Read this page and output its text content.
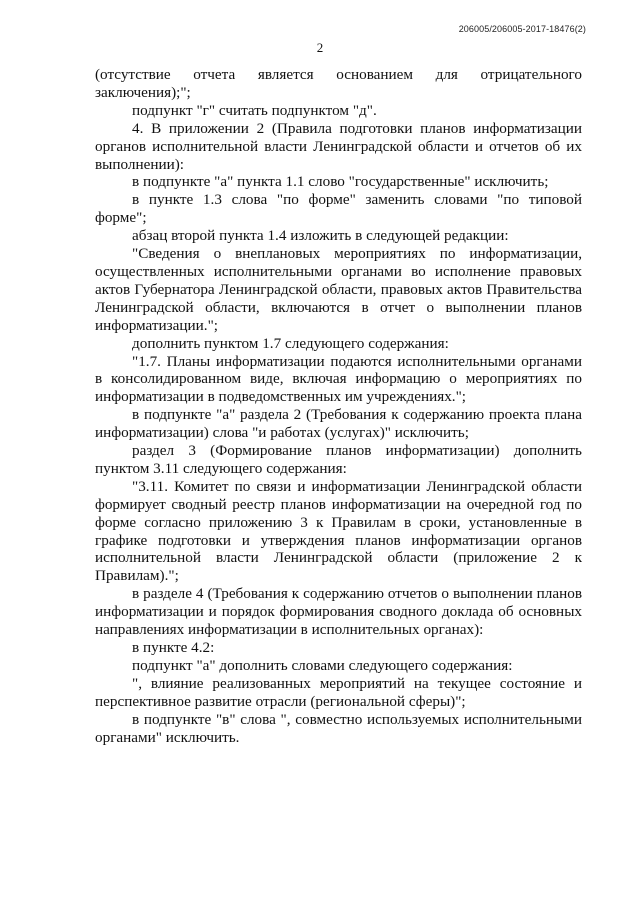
206005/206005-2017-18476(2)
2

(отсутствие отчета является основанием для отрицательного заключения);";

подпункт "г" считать подпунктом "д".

4. В приложении 2 (Правила подготовки планов информатизации органов исполнительной власти Ленинградской области и отчетов об их выполнении):

в подпункте "а" пункта 1.1 слово "государственные" исключить;

в пункте 1.3 слова "по форме" заменить словами "по типовой форме";

абзац второй пункта 1.4 изложить в следующей редакции:

"Сведения о внеплановых мероприятиях по информатизации, осуществленных исполнительными органами во исполнение правовых актов Губернатора Ленинградской области, правовых актов Правительства Ленинградской области, включаются в отчет о выполнении планов информатизации.";

дополнить пунктом 1.7 следующего содержания:

"1.7. Планы информатизации подаются исполнительными органами в консолидированном виде, включая информацию о мероприятиях по информатизации в подведомственных им учреждениях.";

в подпункте "а" раздела 2 (Требования к содержанию проекта плана информатизации) слова "и работах (услугах)" исключить;

раздел 3 (Формирование планов информатизации) дополнить пунктом 3.11 следующего содержания:

"3.11. Комитет по связи и информатизации Ленинградской области формирует сводный реестр планов информатизации на очередной год по форме согласно приложению 3 к Правилам в сроки, установленные в графике подготовки и утверждения планов информатизации органов исполнительной власти Ленинградской области (приложение 2 к Правилам).";

в разделе 4 (Требования к содержанию отчетов о выполнении планов информатизации и порядок формирования сводного доклада об основных направлениях информатизации в исполнительных органах):

в пункте 4.2:

подпункт "а" дополнить словами следующего содержания:

", влияние реализованных мероприятий на текущее состояние и перспективное развитие отрасли (региональной сферы)";

в подпункте "в" слова ", совместно используемых исполнительными органами" исключить.
